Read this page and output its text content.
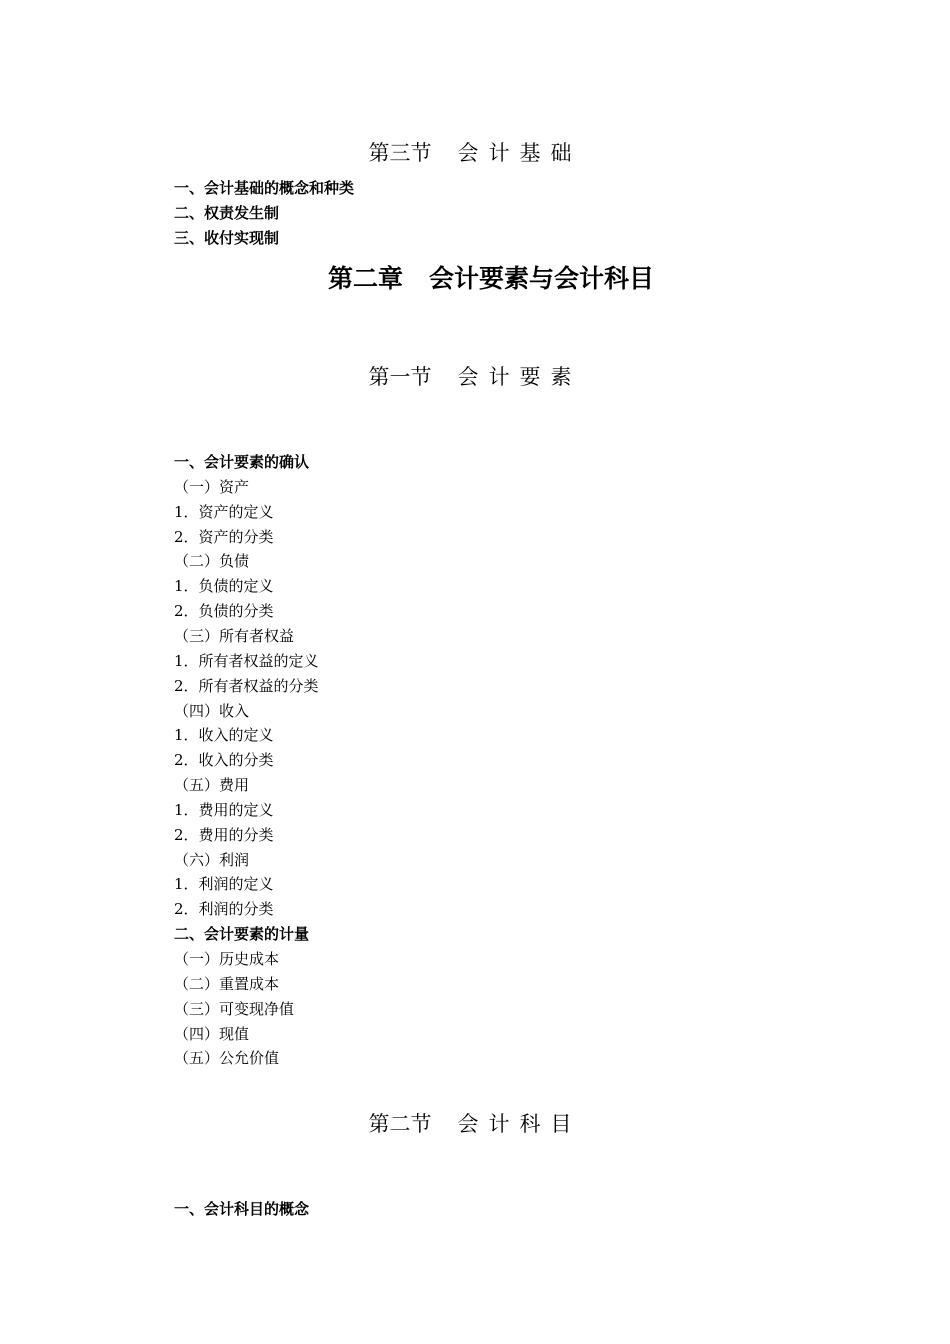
第三节 会计基础
一、会计基础的概念和种类
二、权责发生制
三、收付实现制
第二章 会计要素与会计科目
第一节 会计要素
一、会计要素的确认
（一）资产
1．资产的定义
2．资产的分类
（二）负债
1．负债的定义
2．负债的分类
（三）所有者权益
1．所有者权益的定义
2．所有者权益的分类
（四）收入
1．收入的定义
2．收入的分类
（五）费用
1．费用的定义
2．费用的分类
（六）利润
1．利润的定义
2．利润的分类
二、会计要素的计量
（一）历史成本
（二）重置成本
（三）可变现净值
（四）现值
（五）公允价值
第二节 会计科目
一、会计科目的概念
